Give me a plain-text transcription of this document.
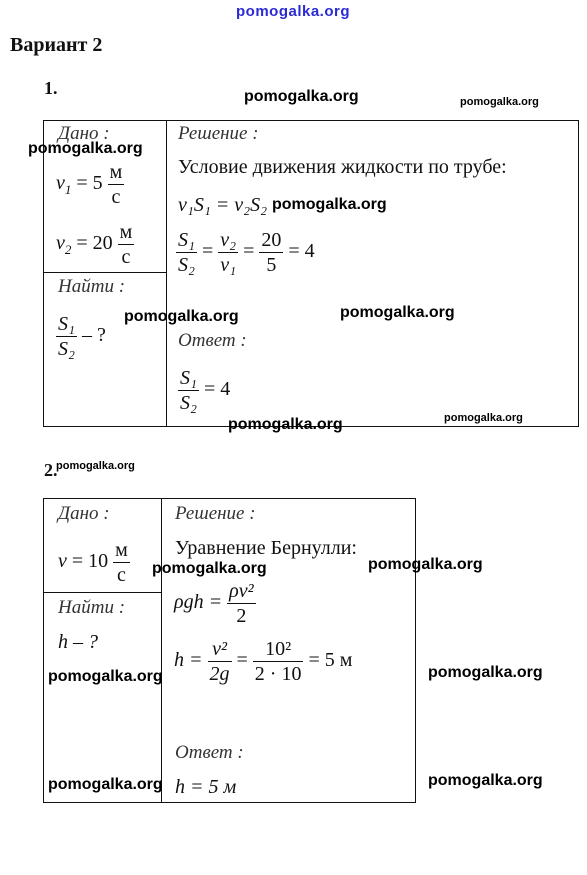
pomogalka.org
Вариант 2
1.
Дано :
$v_1 = 5 \frac{м}{с}$
$v_2 = 20 \frac{м}{с}$
Найти :
$\frac{\text{S₁}}{\text{S₂}}$ – ?
Решение :
Условие движения жидкости по трубе:
v₁S₁ = v₂S₂
$\frac{\text{S₁}}{\text{S₂}} = \frac{\text{v₂}}{\text{v₁}} = \frac{20}{5} = 4$
Ответ :
$\frac{\text{S₁}}{\text{S₂}} = 4$
2.
Дано :
$v = 10 \frac{м}{с}$
Найти :
h – ?
Решение :
Уравнение Бернулли:
$\rho gh = \frac{\text{ρv²}}{2}$
$h = \frac{\text{v²}}{2g} = \frac{\text{10²}}{2 \cdot 10} = 5$ м
Ответ :
h = 5 м
pomogalka.org	pomogalka.org
pomogalka.org
pomogalka.org
pomogalka.org	pomogalka.org
pomogalka.org	pomogalka.org
pomogalka.org
pomogalka.org	pomogalka.org
pomogalka.org	pomogalka.org
pomogalka.org	pomogalka.org
